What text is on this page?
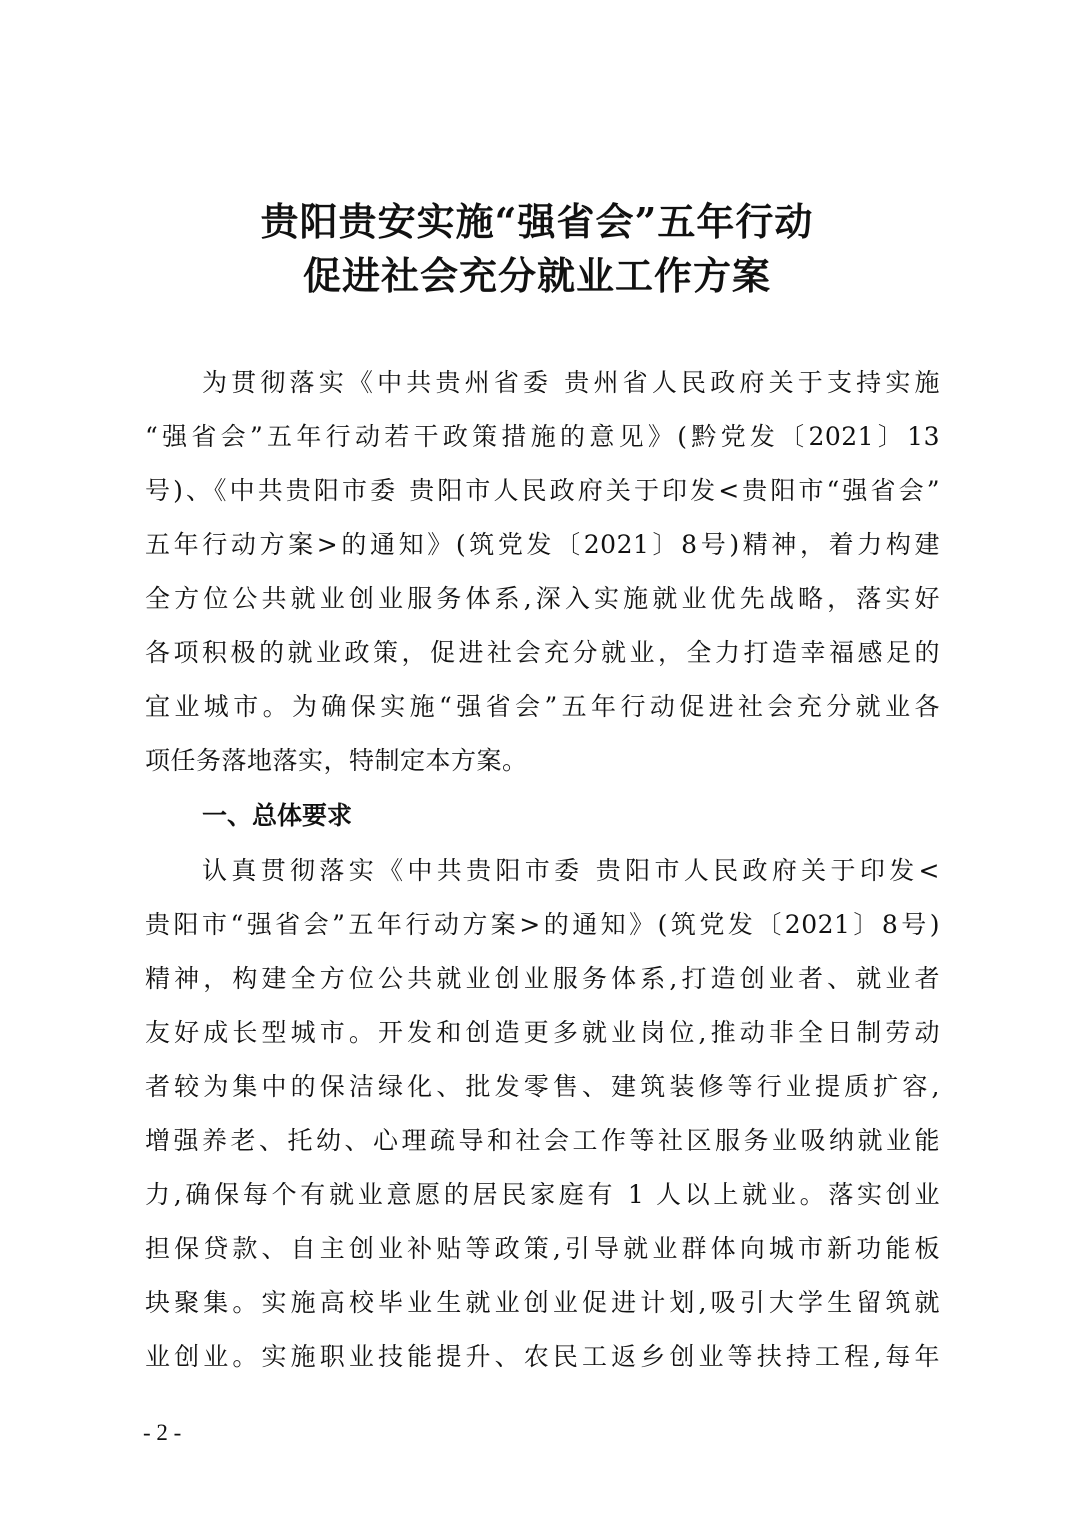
贵阳贵安实施“强省会”五年行动
促进社会充分就业工作方案
为贯彻落实《中共贵州省委 贵州省人民政府关于支持实施
“强省会”五年行动若干政策措施的意见》(黔党发〔2021〕13
号)、《中共贵阳市委 贵阳市人民政府关于印发<贵阳市“强省会”
五年行动方案>的通知》(筑党发〔2021〕8号)精神，着力构建
全方位公共就业创业服务体系,深入实施就业优先战略，落实好
各项积极的就业政策，促进社会充分就业，全力打造幸福感足的
宜业城市。为确保实施“强省会”五年行动促进社会充分就业各
项任务落地落实，特制定本方案。
一、总体要求
认真贯彻落实《中共贵阳市委 贵阳市人民政府关于印发<
贵阳市“强省会”五年行动方案>的通知》(筑党发〔2021〕8号)
精神，构建全方位公共就业创业服务体系,打造创业者、就业者
友好成长型城市。开发和创造更多就业岗位,推动非全日制劳动
者较为集中的保洁绿化、批发零售、建筑装修等行业提质扩容,
增强养老、托幼、心理疏导和社会工作等社区服务业吸纳就业能
力,确保每个有就业意愿的居民家庭有 1 人以上就业。落实创业
担保贷款、自主创业补贴等政策,引导就业群体向城市新功能板
块聚集。实施高校毕业生就业创业促进计划,吸引大学生留筑就
业创业。实施职业技能提升、农民工返乡创业等扶持工程,每年
- 2 -
